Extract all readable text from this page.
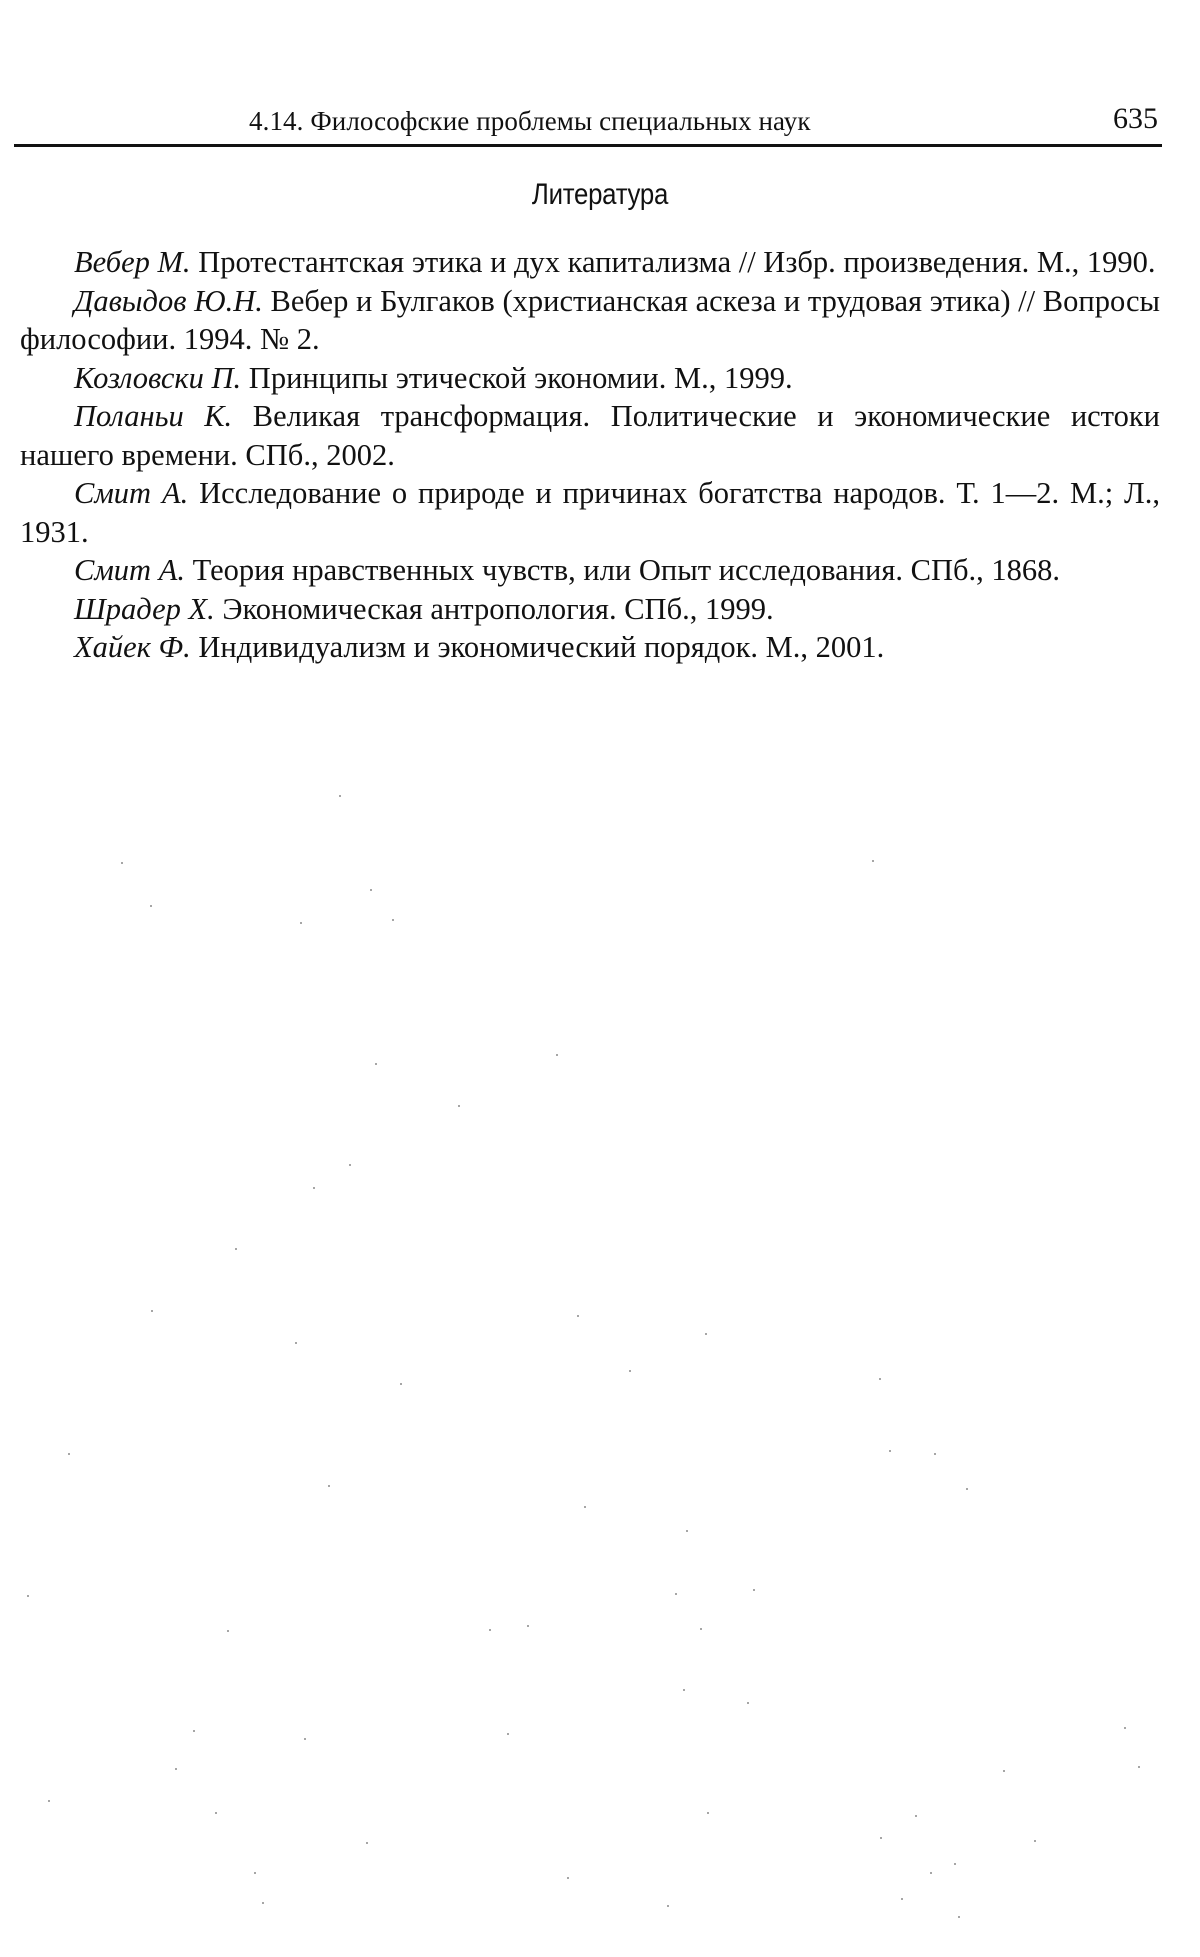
4.14. Философские проблемы специальных наук	635
Литература

Вебер М. Протестантская этика и дух капитализма // Избр. произведения. М., 1990.

Давыдов Ю.Н. Вебер и Булгаков (христианская аскеза и трудовая этика) // Вопросы философии. 1994. № 2.

Козловски П. Принципы этической экономии. М., 1999.

Поланьи К. Великая трансформация. Политические и экономические истоки нашего времени. СПб., 2002.

Смит А. Исследование о природе и причинах богатства народов. Т. 1—2. М.; Л., 1931.

Смит А. Теория нравственных чувств, или Опыт исследования. СПб., 1868.

Шрадер Х. Экономическая антропология. СПб., 1999.

Хайек Ф. Индивидуализм и экономический порядок. М., 2001.
